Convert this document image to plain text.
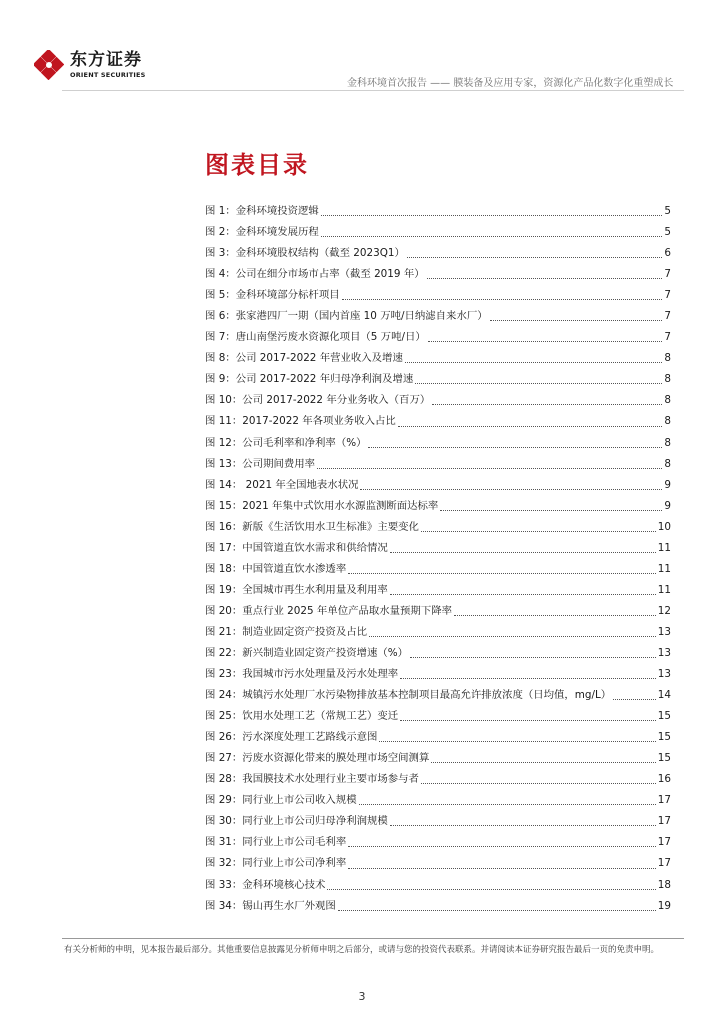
东方证券
ORIENT SECURITIES
金科环境首次报告 —— 膜装备及应用专家，资源化产品化数字化重塑成长
图表目录
图 1：金科环境投资逻辑	5
图 2：金科环境发展历程	5
图 3：金科环境股权结构（截至 2023Q1）	6
图 4：公司在细分市场市占率（截至 2019 年）	7
图 5：金科环境部分标杆项目	7
图 6：张家港四厂一期（国内首座 10 万吨/日纳滤自来水厂）	7
图 7：唐山南堡污废水资源化项目（5 万吨/日）	7
图 8：公司 2017-2022 年营业收入及增速	8
图 9：公司 2017-2022 年归母净利润及增速	8
图 10：公司 2017-2022 年分业务收入（百万）	8
图 11：2017-2022 年各项业务收入占比	8
图 12：公司毛利率和净利率（%）	8
图 13：公司期间费用率	8
图 14： 2021 年全国地表水状况	9
图 15：2021 年集中式饮用水水源监测断面达标率	9
图 16：新版《生活饮用水卫生标准》主要变化	10
图 17：中国管道直饮水需求和供给情况	11
图 18：中国管道直饮水渗透率	11
图 19：全国城市再生水利用量及利用率	11
图 20：重点行业 2025 年单位产品取水量预期下降率	12
图 21：制造业固定资产投资及占比	13
图 22：新兴制造业固定资产投资增速（%）	13
图 23：我国城市污水处理量及污水处理率	13
图 24：城镇污水处理厂水污染物排放基本控制项目最高允许排放浓度（日均值，mg/L）	14
图 25：饮用水处理工艺（常规工艺）变迁	15
图 26：污水深度处理工艺路线示意图	15
图 27：污废水资源化带来的膜处理市场空间测算	15
图 28：我国膜技术水处理行业主要市场参与者	16
图 29：同行业上市公司收入规模	17
图 30：同行业上市公司归母净利润规模	17
图 31：同行业上市公司毛利率	17
图 32：同行业上市公司净利率	17
图 33：金科环境核心技术	18
图 34：锡山再生水厂外观图	19
有关分析师的申明，见本报告最后部分。其他重要信息披露见分析师申明之后部分，或请与您的投资代表联系。并请阅读本证券研究报告最后一页的免责申明。
3
